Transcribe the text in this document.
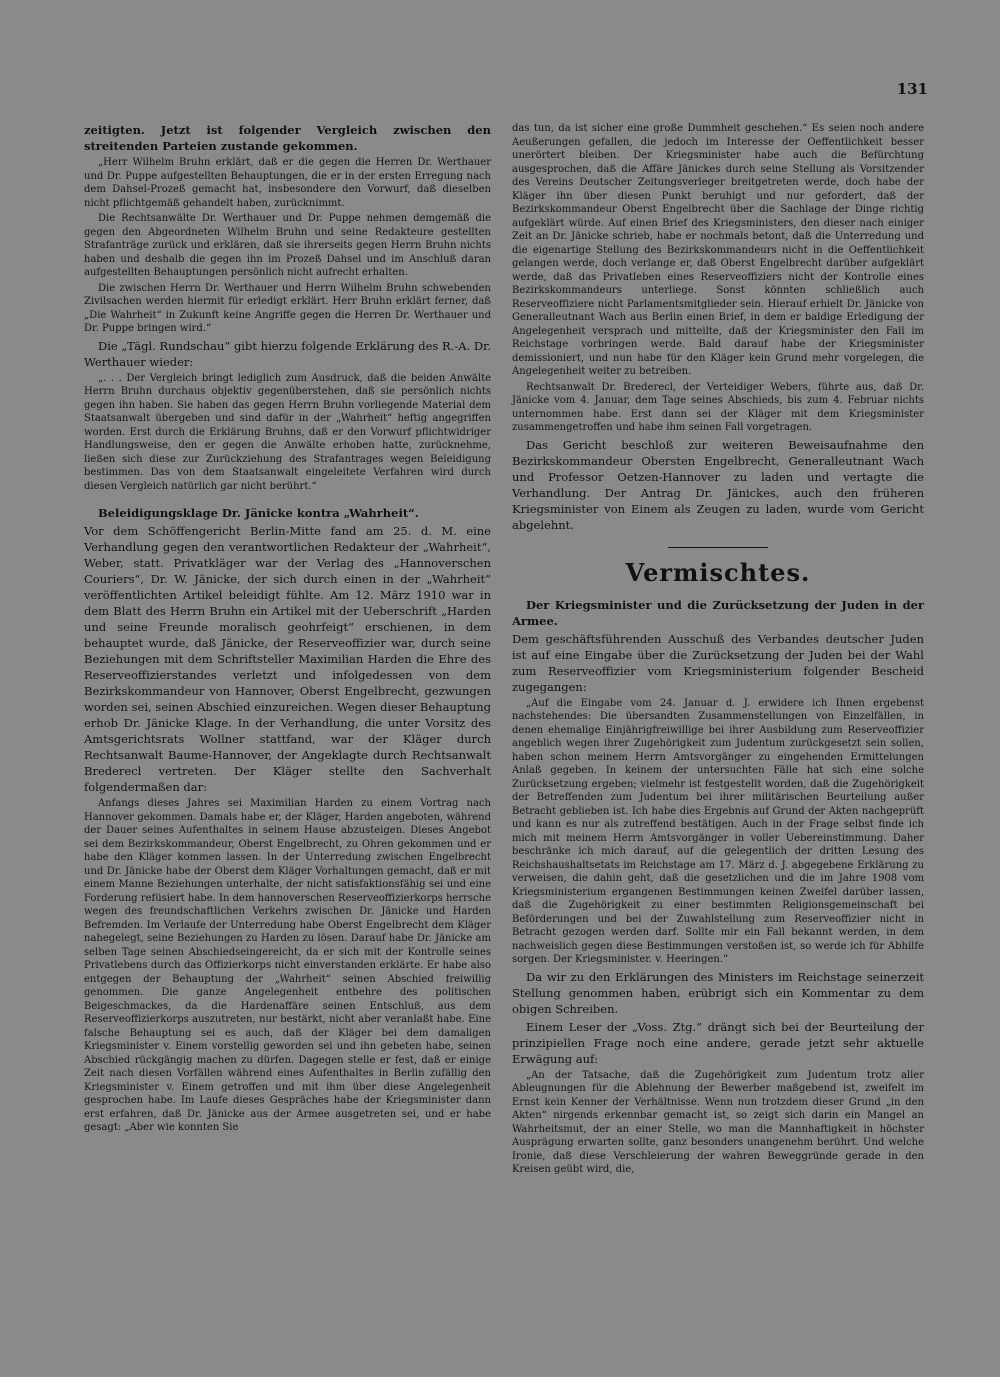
131

zeitigten. Jetzt ist folgender Vergleich zwischen den streitenden Parteien zustande gekommen.

„Herr Wilhelm Bruhn erklärt, daß er die gegen die Herren Dr. Werthauer und Dr. Puppe aufgestellten Behauptungen, die er in der ersten Erregung nach dem Dahsel-Prozeß gemacht hat, insbesondere den Vorwurf, daß dieselben nicht pflichtgemäß gehandelt haben, zurücknimmt.

Die Rechtsanwälte Dr. Werthauer und Dr. Puppe nehmen demgemäß die gegen den Abgeordneten Wilhelm Bruhn und seine Redakteure gestellten Strafanträge zurück und erklären, daß sie ihrerseits gegen Herrn Bruhn nichts haben und deshalb die gegen ihn im Prozeß Dahsel und im Anschluß daran aufgestellten Behauptungen persönlich nicht aufrecht erhalten.

Die zwischen Herrn Dr. Werthauer und Herrn Wilhelm Bruhn schwebenden Zivilsachen werden hiermit für erledigt erklärt. Herr Bruhn erklärt ferner, daß „Die Wahrheit“ in Zukunft keine Angriffe gegen die Herren Dr. Werthauer und Dr. Puppe bringen wird.“

Die „Tägl. Rundschau“ gibt hierzu folgende Erklärung des R.-A. Dr. Werthauer wieder:

„. . . Der Vergleich bringt lediglich zum Ausdruck, daß die beiden Anwälte Herrn Bruhn durchaus objektiv gegenüberstehen, daß sie persönlich nichts gegen ihn haben. Sie haben das gegen Herrn Bruhn vorliegende Material dem Staatsanwalt übergeben und sind dafür in der „Wahrheit“ heftig angegriffen worden. Erst durch die Erklärung Bruhns, daß er den Vorwurf pflichtwidriger Handlungsweise, den er gegen die Anwälte erhoben hatte, zurücknehme, ließen sich diese zur Zurückziehung des Strafantrages wegen Beleidigung bestimmen. Das von dem Staatsanwalt eingeleitete Verfahren wird durch diesen Vergleich natürlich gar nicht berührt.“

Beleidigungsklage Dr. Jänicke kontra „Wahrheit“.

Vor dem Schöffengericht Berlin-Mitte fand am 25. d. M. eine Verhandlung gegen den verantwortlichen Redakteur der „Wahrheit“, Weber, statt. Privatkläger war der Verlag des „Hannoverschen Couriers“, Dr. W. Jänicke, der sich durch einen in der „Wahrheit“ veröffentlichten Artikel beleidigt fühlte. Am 12. März 1910 war in dem Blatt des Herrn Bruhn ein Artikel mit der Ueberschrift „Harden und seine Freunde moralisch geohrfeigt“ erschienen, in dem behauptet wurde, daß Jänicke, der Reserveoffizier war, durch seine Beziehungen mit dem Schriftsteller Maximilian Harden die Ehre des Reserveoffizierstandes verletzt und infolgedessen von dem Bezirkskommandeur von Hannover, Oberst Engelbrecht, gezwungen worden sei, seinen Abschied einzureichen. Wegen dieser Behauptung erhob Dr. Jänicke Klage. In der Verhandlung, die unter Vorsitz des Amtsgerichtsrats Wollner stattfand, war der Kläger durch Rechtsanwalt Baume-Hannover, der Angeklagte durch Rechtsanwalt Brederecl vertreten. Der Kläger stellte den Sachverhalt folgendermaßen dar:

Anfangs dieses Jahres sei Maximilian Harden zu einem Vortrag nach Hannover gekommen. Damals habe er, der Kläger, Harden angeboten, während der Dauer seines Aufenthaltes in seinem Hause abzusteigen. Dieses Angebot sei dem Bezirkskommandeur, Oberst Engelbrecht, zu Ohren gekommen und er habe den Kläger kommen lassen. In der Unterredung zwischen Engelbrecht und Dr. Jänicke habe der Oberst dem Kläger Vorhaltungen gemacht, daß er mit einem Manne Beziehungen unterhalte, der nicht satisfaktionsfähig sei und eine Forderung refüsiert habe. In dem hannoverschen Reserveoffizierkorps herrsche wegen des freundschaftlichen Verkehrs zwischen Dr. Jänicke und Harden Befremden. Im Verlaufe der Unterredung habe Oberst Engelbrecht dem Kläger nahegelegt, seine Beziehungen zu Harden zu lösen. Darauf habe Dr. Jänicke am selben Tage seinen Abschiedseingereicht, da er sich mit der Kontrolle seines Privatlebens durch das Offizierkorps nicht einverstanden erklärte. Er habe also entgegen der Behauptung der „Wahrheit“ seinen Abschied freiwillig genommen. Die ganze Angelegenheit entbehre des politischen Beigeschmackes, da die Hardenaffäre seinen Entschluß, aus dem Reserveoffizierkorps auszutreten, nur bestärkt, nicht aber veranlaßt habe. Eine falsche Behauptung sei es auch, daß der Kläger bei dem damaligen Kriegsminister v. Einem vorstellig geworden sei und ihn gebeten habe, seinen Abschied rückgängig machen zu dürfen. Dagegen stelle er fest, daß er einige Zeit nach diesen Vorfällen während eines Aufenthaltes in Berlin zufällig den Kriegsminister v. Einem getroffen und mit ihm über diese Angelegenheit gesprochen habe. Im Laufe dieses Gespräches habe der Kriegsminister dann erst erfahren, daß Dr. Jänicke aus der Armee ausgetreten sei, und er habe gesagt: „Aber wie konnten Sie

das tun, da ist sicher eine große Dummheit geschehen.“ Es seien noch andere Aeußerungen gefallen, die jedoch im Interesse der Oeffentlichkeit besser unerörtert bleiben. Der Kriegsminister habe auch die Befürchtung ausgesprochen, daß die Affäre Jänickes durch seine Stellung als Vorsitzender des Vereins Deutscher Zeitungsverleger breitgetreten werde, doch habe der Kläger ihn über diesen Punkt beruhigt und nur gefordert, daß der Bezirkskommandeur Oberst Engelbrecht über die Sachlage der Dinge richtig aufgeklärt würde. Auf einen Brief des Kriegsministers, den dieser nach einiger Zeit an Dr. Jänicke schrieb, habe er nochmals betont, daß die Unterredung und die eigenartige Stellung des Bezirkskommandeurs nicht in die Oeffentlichkeit gelangen werde, doch verlange er, daß Oberst Engelbrecht darüber aufgeklärt werde, daß das Privatleben eines Reserveoffiziers nicht der Kontrolle eines Bezirkskommandeurs unterliege. Sonst könnten schließlich auch Reserveoffiziere nicht Parlamentsmitglieder sein. Hierauf erhielt Dr. Jänicke von Generalleutnant Wach aus Berlin einen Brief, in dem er baldige Erledigung der Angelegenheit versprach und mitteilte, daß der Kriegsminister den Fall im Reichstage vorbringen werde. Bald darauf habe der Kriegsminister demissioniert, und nun habe für den Kläger kein Grund mehr vorgelegen, die Angelegenheit weiter zu betreiben.

Rechtsanwalt Dr. Brederecl, der Verteidiger Webers, führte aus, daß Dr. Jänicke vom 4. Januar, dem Tage seines Abschieds, bis zum 4. Februar nichts unternommen habe. Erst dann sei der Kläger mit dem Kriegsminister zusammengetroffen und habe ihm seinen Fall vorgetragen.

Das Gericht beschloß zur weiteren Beweisaufnahme den Bezirkskommandeur Obersten Engelbrecht, Generalleutnant Wach und Professor Oetzen-Hannover zu laden und vertagte die Verhandlung. Der Antrag Dr. Jänickes, auch den früheren Kriegsminister von Einem als Zeugen zu laden, wurde vom Gericht abgelehnt.

Vermischtes.

Der Kriegsminister und die Zurücksetzung der Juden in der Armee.

Dem geschäftsführenden Ausschuß des Verbandes deutscher Juden ist auf eine Eingabe über die Zurücksetzung der Juden bei der Wahl zum Reserveoffizier vom Kriegsministerium folgender Bescheid zugegangen:

„Auf die Eingabe vom 24. Januar d. J. erwidere ich Ihnen ergebenst nachstehendes: Die übersandten Zusammenstellungen von Einzelfällen, in denen ehemalige Einjährigfreiwillige bei ihrer Ausbildung zum Reserveoffizier angeblich wegen ihrer Zugehörigkeit zum Judentum zurückgesetzt sein sollen, haben schon meinem Herrn Amtsvorgänger zu eingehenden Ermittelungen Anlaß gegeben. In keinem der untersuchten Fälle hat sich eine solche Zurücksetzung ergeben; vielmehr ist festgestellt worden, daß die Zugehörigkeit der Betreffenden zum Judentum bei ihrer militärischen Beurteilung außer Betracht geblieben ist. Ich habe dies Ergebnis auf Grund der Akten nachgeprüft und kann es nur als zutreffend bestätigen. Auch in der Frage selbst finde ich mich mit meinem Herrn Amtsvorgänger in voller Uebereinstimmung. Daher beschränke ich mich darauf, auf die gelegentlich der dritten Lesung des Reichshaushaltsetats im Reichstage am 17. März d. J. abgegebene Erklärung zu verweisen, die dahin geht, daß die gesetzlichen und die im Jahre 1908 vom Kriegsministerium ergangenen Bestimmungen keinen Zweifel darüber lassen, daß die Zugehörigkeit zu einer bestimmten Religionsgemeinschaft bei Beförderungen und bei der Zuwahlstellung zum Reserveoffizier nicht in Betracht gezogen werden darf. Sollte mir ein Fall bekannt werden, in dem nachweislich gegen diese Bestimmungen verstoßen ist, so werde ich für Abhilfe sorgen. Der Kriegsminister. v. Heeringen.“

Da wir zu den Erklärungen des Ministers im Reichstage seinerzeit Stellung genommen haben, erübrigt sich ein Kommentar zu dem obigen Schreiben.

Einem Leser der „Voss. Ztg.“ drängt sich bei der Beurteilung der prinzipiellen Frage noch eine andere, gerade jetzt sehr aktuelle Erwägung auf:

„An der Tatsache, daß die Zugehörigkeit zum Judentum trotz aller Ableugnungen für die Ablehnung der Bewerber maßgebend ist, zweifelt im Ernst kein Kenner der Verhältnisse. Wenn nun trotzdem dieser Grund „in den Akten“ nirgends erkennbar gemacht ist, so zeigt sich darin ein Mangel an Wahrheitsmut, der an einer Stelle, wo man die Mannhaftigkeit in höchster Ausprägung erwarten sollte, ganz besonders unangenehm berührt. Und welche Ironie, daß diese Verschleierung der wahren Beweggründe gerade in den Kreisen geübt wird, die,
